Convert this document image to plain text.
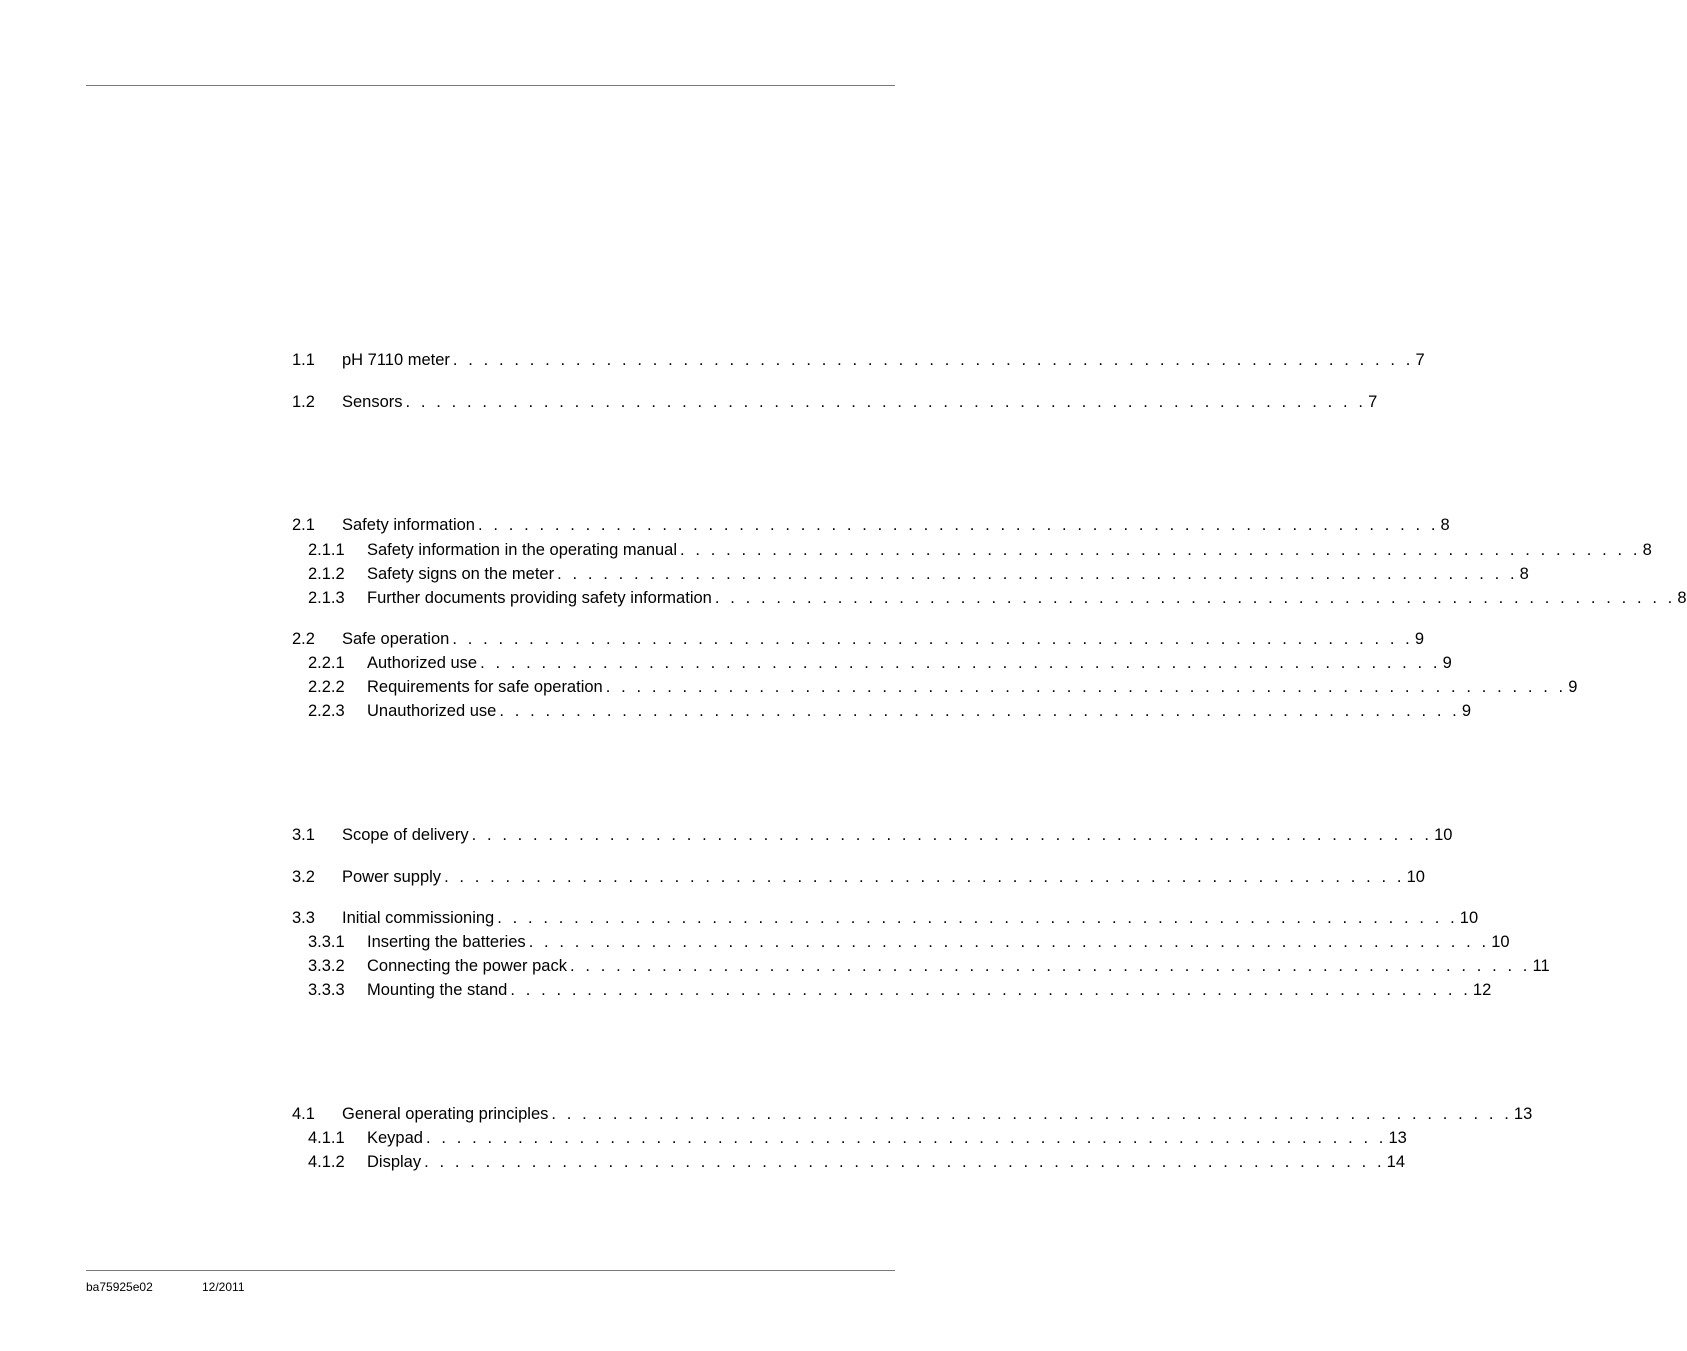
1.1	pH 7110 meter . . . . . . . . . . . . . . . . . . . . . . . . . . . . . . . . . . . . . . . . . . . . . . . . . . . . . . . . . . . . . . . 7
1.2	Sensors . . . . . . . . . . . . . . . . . . . . . . . . . . . . . . . . . . . . . . . . . . . . . . . . . . . . . . . . . . . . . . . 7
2.1	Safety information . . . . . . . . . . . . . . . . . . . . . . . . . . . . . . . . . . . . . . . . . . . . . . . . . . . . . . . . . . . . . . . 8
2.1.1	Safety information in the operating manual . . . . . . . . . . . . . . . . . . . . . . . . . . . . . . . . . . . . . . . . . . . . . . . . . . . . . . . . . . . . . . . 8
2.1.2	Safety signs on the meter . . . . . . . . . . . . . . . . . . . . . . . . . . . . . . . . . . . . . . . . . . . . . . . . . . . . . . . . . . . . . . . 8
2.1.3	Further documents providing safety information . . . . . . . . . . . . . . . . . . . . . . . . . . . . . . . . . . . . . . . . . . . . . . . . . . . . . . . . . . . . . . . 8
2.2	Safe operation . . . . . . . . . . . . . . . . . . . . . . . . . . . . . . . . . . . . . . . . . . . . . . . . . . . . . . . . . . . . . . . 9
2.2.1	Authorized use . . . . . . . . . . . . . . . . . . . . . . . . . . . . . . . . . . . . . . . . . . . . . . . . . . . . . . . . . . . . . . . 9
2.2.2	Requirements for safe operation . . . . . . . . . . . . . . . . . . . . . . . . . . . . . . . . . . . . . . . . . . . . . . . . . . . . . . . . . . . . . . . 9
2.2.3	Unauthorized use . . . . . . . . . . . . . . . . . . . . . . . . . . . . . . . . . . . . . . . . . . . . . . . . . . . . . . . . . . . . . . . 9
3.1	Scope of delivery . . . . . . . . . . . . . . . . . . . . . . . . . . . . . . . . . . . . . . . . . . . . . . . . . . . . . . . . . . . . . . . 10
3.2	Power supply . . . . . . . . . . . . . . . . . . . . . . . . . . . . . . . . . . . . . . . . . . . . . . . . . . . . . . . . . . . . . . . 10
3.3	Initial commissioning . . . . . . . . . . . . . . . . . . . . . . . . . . . . . . . . . . . . . . . . . . . . . . . . . . . . . . . . . . . . . . . 10
3.3.1	Inserting the batteries . . . . . . . . . . . . . . . . . . . . . . . . . . . . . . . . . . . . . . . . . . . . . . . . . . . . . . . . . . . . . . . 10
3.3.2	Connecting the power pack . . . . . . . . . . . . . . . . . . . . . . . . . . . . . . . . . . . . . . . . . . . . . . . . . . . . . . . . . . . . . . . 11
3.3.3	Mounting the stand . . . . . . . . . . . . . . . . . . . . . . . . . . . . . . . . . . . . . . . . . . . . . . . . . . . . . . . . . . . . . . . 12
4.1	General operating principles . . . . . . . . . . . . . . . . . . . . . . . . . . . . . . . . . . . . . . . . . . . . . . . . . . . . . . . . . . . . . . . 13
4.1.1	Keypad . . . . . . . . . . . . . . . . . . . . . . . . . . . . . . . . . . . . . . . . . . . . . . . . . . . . . . . . . . . . . . . 13
4.1.2	Display . . . . . . . . . . . . . . . . . . . . . . . . . . . . . . . . . . . . . . . . . . . . . . . . . . . . . . . . . . . . . . . 14
ba75925e02	12/2011
